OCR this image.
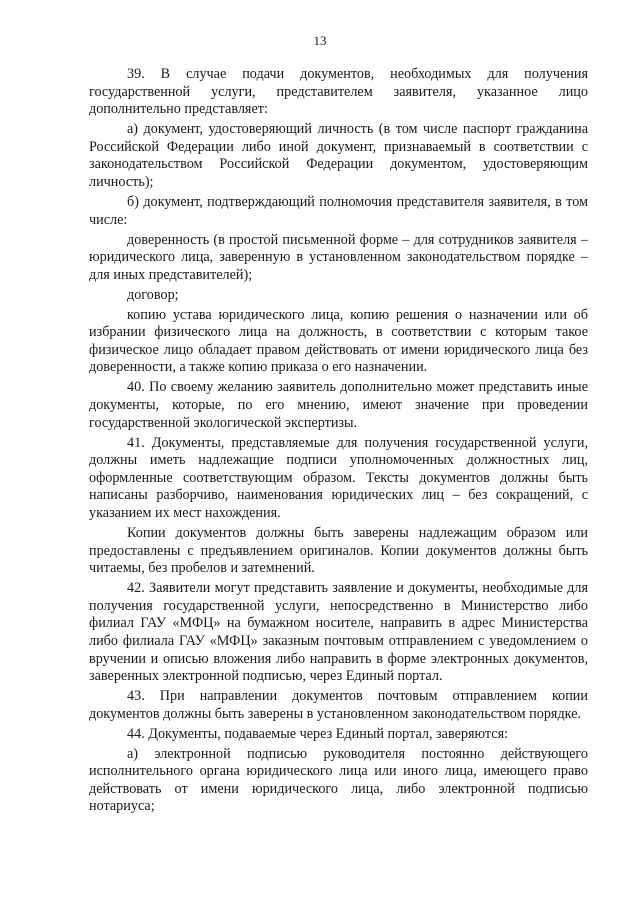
13

39. В случае подачи документов, необходимых для получения государственной услуги, представителем заявителя, указанное лицо дополнительно представляет:

а) документ, удостоверяющий личность (в том числе паспорт гражданина Российской Федерации либо иной документ, признаваемый в соответствии с законодательством Российской Федерации документом, удостоверяющим личность);

б) документ, подтверждающий полномочия представителя заявителя, в том числе:

доверенность (в простой письменной форме – для сотрудников заявителя – юридического лица, заверенную в установленном законодательством порядке – для иных представителей);

договор;

копию устава юридического лица, копию решения о назначении или об избрании физического лица на должность, в соответствии с которым такое физическое лицо обладает правом действовать от имени юридического лица без доверенности, а также копию приказа о его назначении.

40. По своему желанию заявитель дополнительно может представить иные документы, которые, по его мнению, имеют значение при проведении государственной экологической экспертизы.

41. Документы, представляемые для получения государственной услуги, должны иметь надлежащие подписи уполномоченных должностных лиц, оформленные соответствующим образом. Тексты документов должны быть написаны разборчиво, наименования юридических лиц – без сокращений, с указанием их мест нахождения.

Копии документов должны быть заверены надлежащим образом или предоставлены с предъявлением оригиналов. Копии документов должны быть читаемы, без пробелов и затемнений.

42. Заявители могут представить заявление и документы, необходимые для получения государственной услуги, непосредственно в Министерство либо филиал ГАУ «МФЦ» на бумажном носителе, направить в адрес Министерства либо филиала ГАУ «МФЦ» заказным почтовым отправлением с уведомлением о вручении и описью вложения либо направить в форме электронных документов, заверенных электронной подписью, через Единый портал.

43. При направлении документов почтовым отправлением копии документов должны быть заверены в установленном законодательством порядке.

44. Документы, подаваемые через Единый портал, заверяются:

а) электронной подписью руководителя постоянно действующего исполнительного органа юридического лица или иного лица, имеющего право действовать от имени юридического лица, либо электронной подписью нотариуса;
